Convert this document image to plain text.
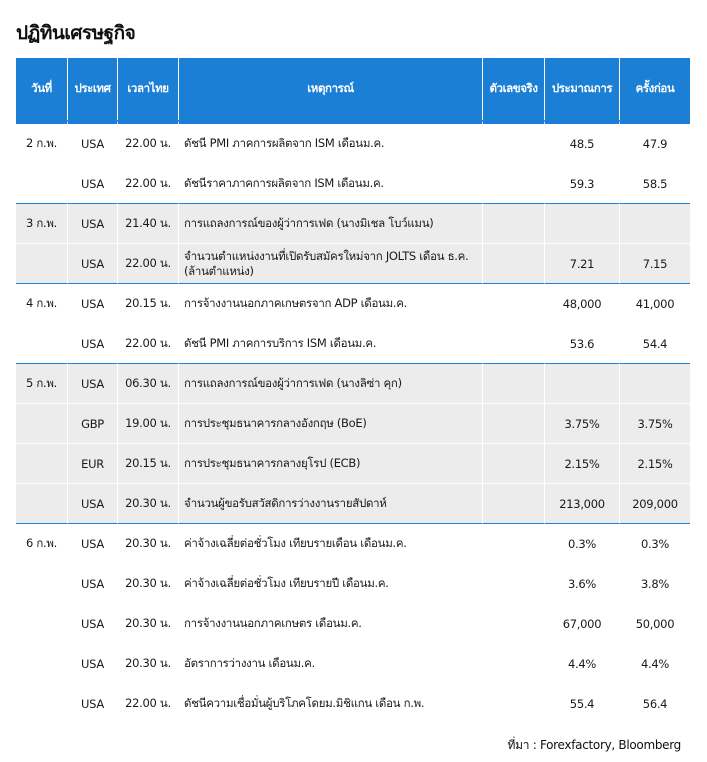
ปฏิทินเศรษฐกิจ
วันที่	ประเทศ	เวลาไทย	เหตุการณ์	ตัวเลขจริง	ประมาณการ	ครั้งก่อน
2 ก.พ.	USA	22.00 น.	ดัชนี PMI ภาคการผลิตจาก ISM เดือนม.ค.		48.5	47.9
	USA	22.00 น.	ดัชนีราคาภาคการผลิตจาก ISM เดือนม.ค.		59.3	58.5
3 ก.พ.	USA	21.40 น.	การแถลงการณ์ของผู้ว่าการเฟด (นางมิเชล โบว์แมน)			
	USA	22.00 น.	จำนวนตำแหน่งงานที่เปิดรับสมัครใหม่จาก JOLTS เดือน ธ.ค. (ล้านตำแหน่ง)		7.21	7.15
4 ก.พ.	USA	20.15 น.	การจ้างงานนอกภาคเกษตรจาก ADP เดือนม.ค.		48,000	41,000
	USA	22.00 น.	ดัชนี PMI ภาคการบริการ ISM เดือนม.ค.		53.6	54.4
5 ก.พ.	USA	06.30 น.	การแถลงการณ์ของผู้ว่าการเฟด (นางลิซ่า คุก)			
	GBP	19.00 น.	การประชุมธนาคารกลางอังกฤษ (BoE)		3.75%	3.75%
	EUR	20.15 น.	การประชุมธนาคารกลางยุโรป (ECB)		2.15%	2.15%
	USA	20.30 น.	จำนวนผู้ขอรับสวัสดิการว่างงานรายสัปดาห์		213,000	209,000
6 ก.พ.	USA	20.30 น.	ค่าจ้างเฉลี่ยต่อชั่วโมง เทียบรายเดือน เดือนม.ค.		0.3%	0.3%
	USA	20.30 น.	ค่าจ้างเฉลี่ยต่อชั่วโมง เทียบรายปี เดือนม.ค.		3.6%	3.8%
	USA	20.30 น.	การจ้างงานนอกภาคเกษตร เดือนม.ค.		67,000	50,000
	USA	20.30 น.	อัตราการว่างงาน เดือนม.ค.		4.4%	4.4%
	USA	22.00 น.	ดัชนีความเชื่อมั่นผู้บริโภคโดยม.มิชิแกน เดือน ก.พ.		55.4	56.4
ที่มา : Forexfactory, Bloomberg
